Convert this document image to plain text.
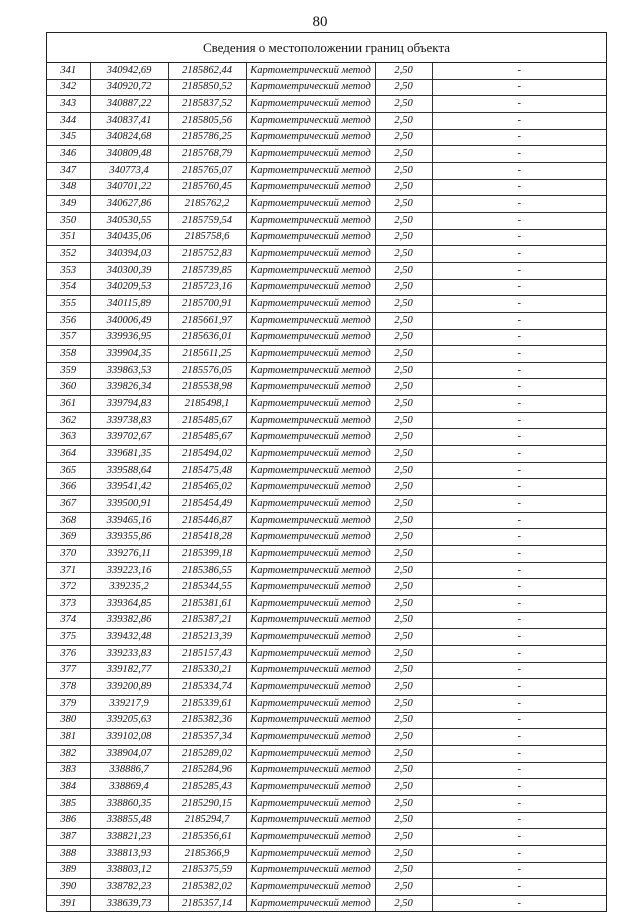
80
Сведения о местоположении границ объекта
341	340942,69	2185862,44	Картометрический метод	2,50	-
342	340920,72	2185850,52	Картометрический метод	2,50	-
343	340887,22	2185837,52	Картометрический метод	2,50	-
344	340837,41	2185805,56	Картометрический метод	2,50	-
345	340824,68	2185786,25	Картометрический метод	2,50	-
346	340809,48	2185768,79	Картометрический метод	2,50	-
347	340773,4	2185765,07	Картометрический метод	2,50	-
348	340701,22	2185760,45	Картометрический метод	2,50	-
349	340627,86	2185762,2	Картометрический метод	2,50	-
350	340530,55	2185759,54	Картометрический метод	2,50	-
351	340435,06	2185758,6	Картометрический метод	2,50	-
352	340394,03	2185752,83	Картометрический метод	2,50	-
353	340300,39	2185739,85	Картометрический метод	2,50	-
354	340209,53	2185723,16	Картометрический метод	2,50	-
355	340115,89	2185700,91	Картометрический метод	2,50	-
356	340006,49	2185661,97	Картометрический метод	2,50	-
357	339936,95	2185636,01	Картометрический метод	2,50	-
358	339904,35	2185611,25	Картометрический метод	2,50	-
359	339863,53	2185576,05	Картометрический метод	2,50	-
360	339826,34	2185538,98	Картометрический метод	2,50	-
361	339794,83	2185498,1	Картометрический метод	2,50	-
362	339738,83	2185485,67	Картометрический метод	2,50	-
363	339702,67	2185485,67	Картометрический метод	2,50	-
364	339681,35	2185494,02	Картометрический метод	2,50	-
365	339588,64	2185475,48	Картометрический метод	2,50	-
366	339541,42	2185465,02	Картометрический метод	2,50	-
367	339500,91	2185454,49	Картометрический метод	2,50	-
368	339465,16	2185446,87	Картометрический метод	2,50	-
369	339355,86	2185418,28	Картометрический метод	2,50	-
370	339276,11	2185399,18	Картометрический метод	2,50	-
371	339223,16	2185386,55	Картометрический метод	2,50	-
372	339235,2	2185344,55	Картометрический метод	2,50	-
373	339364,85	2185381,61	Картометрический метод	2,50	-
374	339382,86	2185387,21	Картометрический метод	2,50	-
375	339432,48	2185213,39	Картометрический метод	2,50	-
376	339233,83	2185157,43	Картометрический метод	2,50	-
377	339182,77	2185330,21	Картометрический метод	2,50	-
378	339200,89	2185334,74	Картометрический метод	2,50	-
379	339217,9	2185339,61	Картометрический метод	2,50	-
380	339205,63	2185382,36	Картометрический метод	2,50	-
381	339102,08	2185357,34	Картометрический метод	2,50	-
382	338904,07	2185289,02	Картометрический метод	2,50	-
383	338886,7	2185284,96	Картометрический метод	2,50	-
384	338869,4	2185285,43	Картометрический метод	2,50	-
385	338860,35	2185290,15	Картометрический метод	2,50	-
386	338855,48	2185294,7	Картометрический метод	2,50	-
387	338821,23	2185356,61	Картометрический метод	2,50	-
388	338813,93	2185366,9	Картометрический метод	2,50	-
389	338803,12	2185375,59	Картометрический метод	2,50	-
390	338782,23	2185382,02	Картометрический метод	2,50	-
391	338639,73	2185357,14	Картометрический метод	2,50	-
